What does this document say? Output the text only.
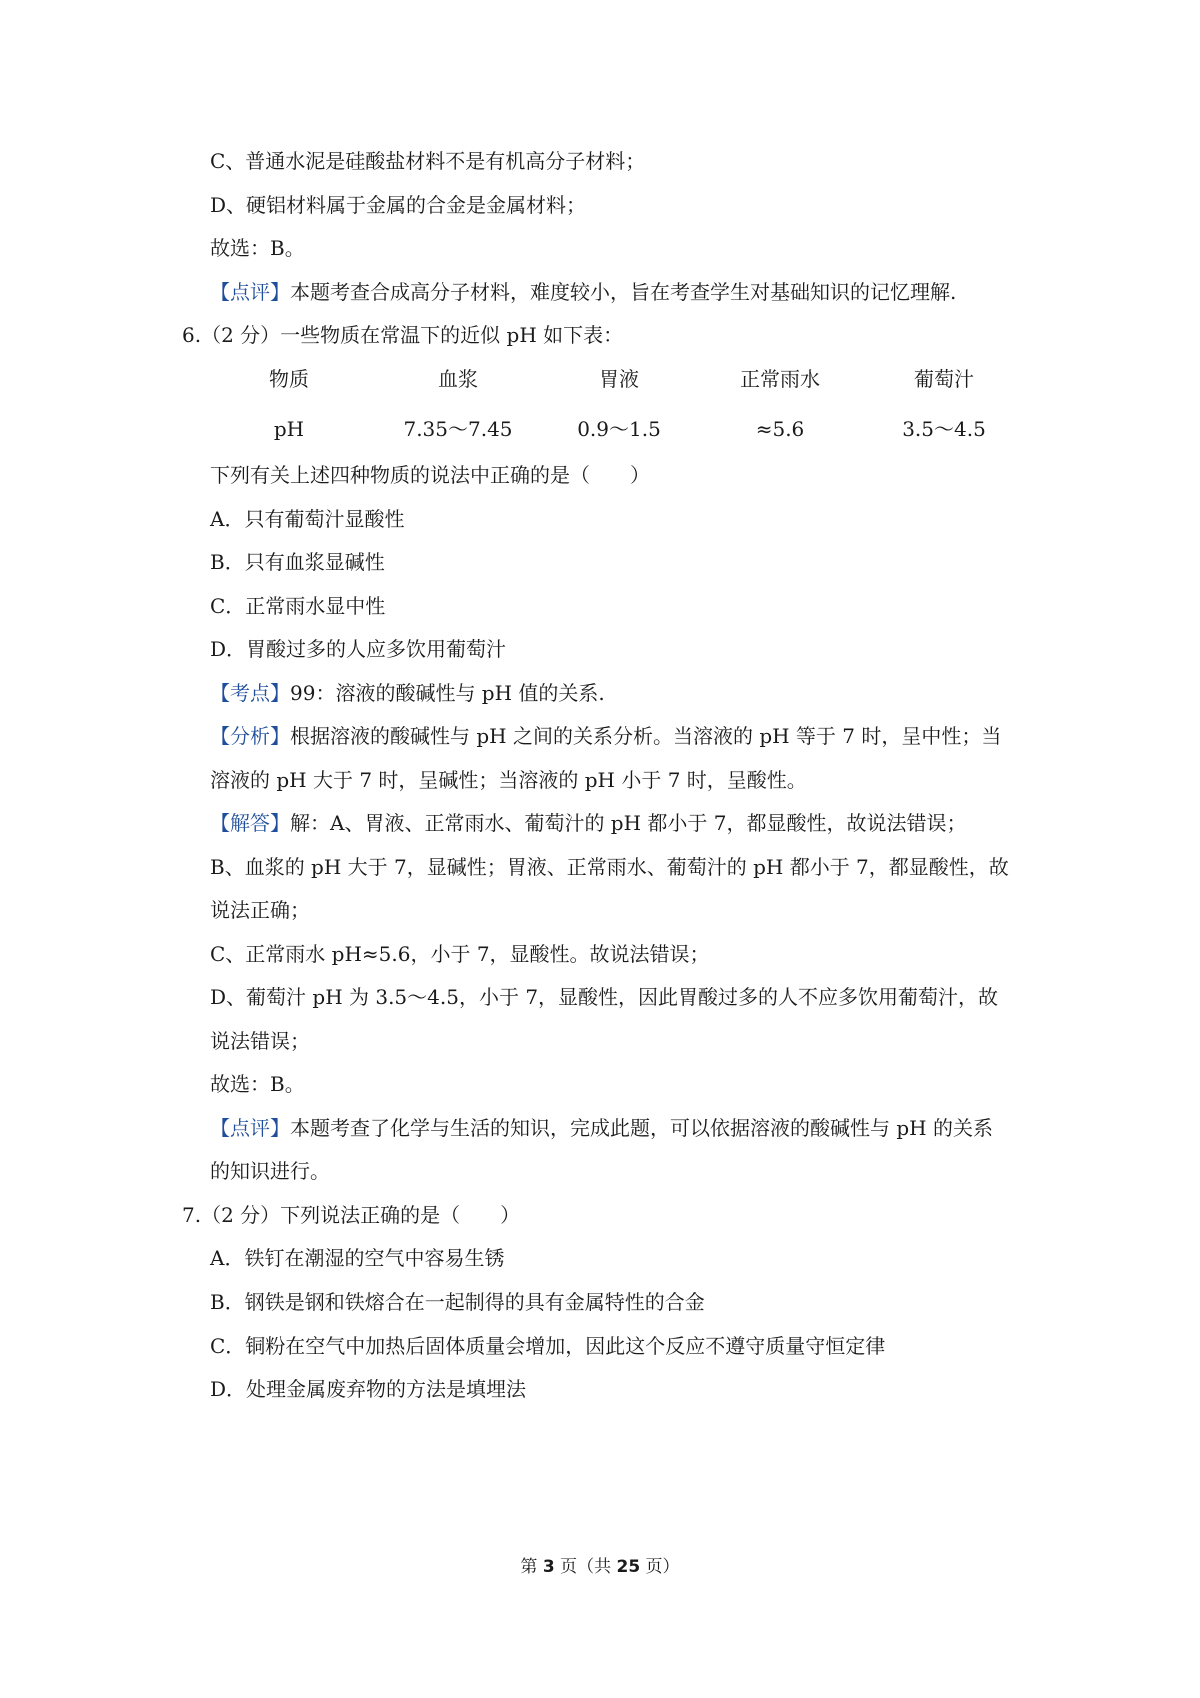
C、普通水泥是硅酸盐材料不是有机高分子材料；
D、硬铝材料属于金属的合金是金属材料；
故选：B。
【点评】本题考查合成高分子材料，难度较小，旨在考查学生对基础知识的记忆理解.
6.（2 分）一些物质在常温下的近似 pH 如下表：
物质	血浆	胃液	正常雨水	葡萄汁
pH	7.35～7.45	0.9～1.5	≈5.6	3.5～4.5
下列有关上述四种物质的说法中正确的是（　　）
A．只有葡萄汁显酸性
B．只有血浆显碱性
C．正常雨水显中性
D．胃酸过多的人应多饮用葡萄汁
【考点】99：溶液的酸碱性与 pH 值的关系.
【分析】根据溶液的酸碱性与 pH 之间的关系分析。当溶液的 pH 等于 7 时，呈中性；当
溶液的 pH 大于 7 时，呈碱性；当溶液的 pH 小于 7 时，呈酸性。
【解答】解：A、胃液、正常雨水、葡萄汁的 pH 都小于 7，都显酸性，故说法错误；
B、血浆的 pH 大于 7，显碱性；胃液、正常雨水、葡萄汁的 pH 都小于 7，都显酸性，故
说法正确；
C、正常雨水 pH≈5.6，小于 7，显酸性。故说法错误；
D、葡萄汁 pH 为 3.5～4.5，小于 7，显酸性，因此胃酸过多的人不应多饮用葡萄汁，故
说法错误；
故选：B。
【点评】本题考查了化学与生活的知识，完成此题，可以依据溶液的酸碱性与 pH 的关系
的知识进行。
7.（2 分）下列说法正确的是（　　）
A．铁钉在潮湿的空气中容易生锈
B．钢铁是钢和铁熔合在一起制得的具有金属特性的合金
C．铜粉在空气中加热后固体质量会增加，因此这个反应不遵守质量守恒定律
D．处理金属废弃物的方法是填埋法
第 3 页（共 25 页）
